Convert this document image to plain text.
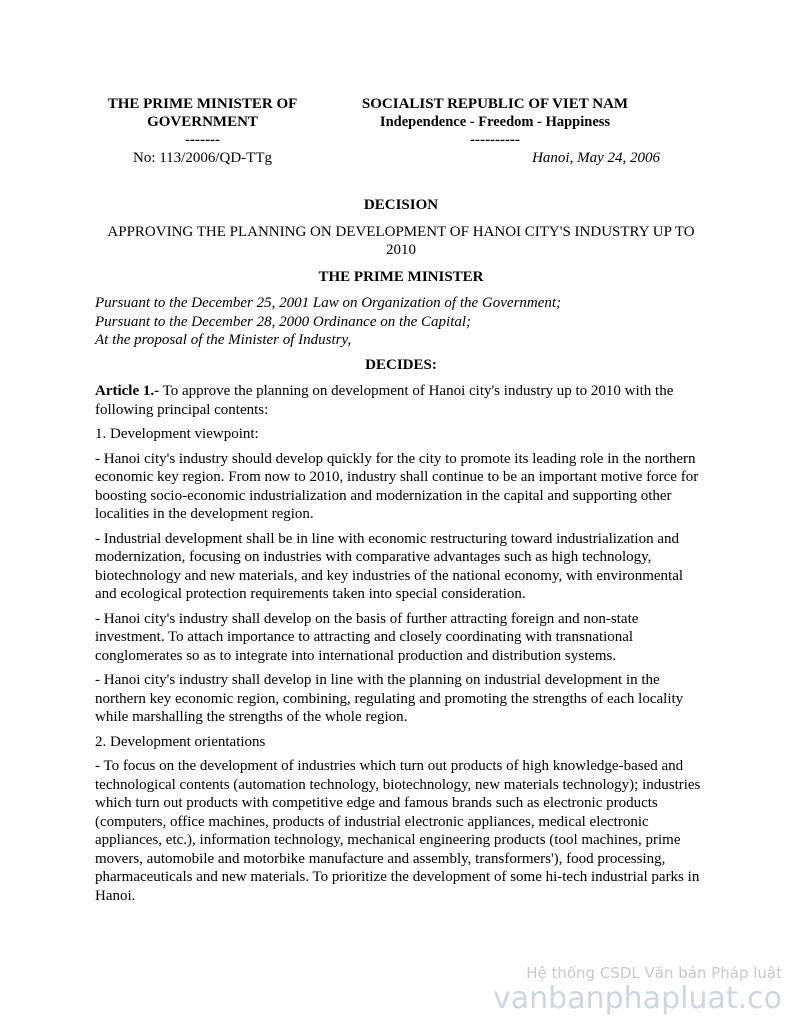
THE PRIME MINISTER OF
GOVERNMENT
-------
SOCIALIST REPUBLIC OF VIET NAM
Independence - Freedom - Happiness
----------
No: 113/2006/QD-TTg	Hanoi, May 24, 2006

DECISION

APPROVING THE PLANNING ON DEVELOPMENT OF HANOI CITY'S INDUSTRY UP TO 2010

THE PRIME MINISTER

Pursuant to the December 25, 2001 Law on Organization of the Government;
Pursuant to the December 28, 2000 Ordinance on the Capital;
At the proposal of the Minister of Industry,

DECIDES:

Article 1.- To approve the planning on development of Hanoi city's industry up to 2010 with the following principal contents:

1. Development viewpoint:

- Hanoi city's industry should develop quickly for the city to promote its leading role in the northern economic key region. From now to 2010, industry shall continue to be an important motive force for boosting socio-economic industrialization and modernization in the capital and supporting other localities in the development region.

- Industrial development shall be in line with economic restructuring toward industrialization and modernization, focusing on industries with comparative advantages such as high technology, biotechnology and new materials, and key industries of the national economy, with environmental and ecological protection requirements taken into special consideration.

- Hanoi city's industry shall develop on the basis of further attracting foreign and non-state investment. To attach importance to attracting and closely coordinating with transnational conglomerates so as to integrate into international production and distribution systems.

- Hanoi city's industry shall develop in line with the planning on industrial development in the northern key economic region, combining, regulating and promoting the strengths of each locality while marshalling the strengths of the whole region.

2. Development orientations

- To focus on the development of industries which turn out products of high knowledge-based and technological contents (automation technology, biotechnology, new materials technology); industries which turn out products with competitive edge and famous brands such as electronic products (computers, office machines, products of industrial electronic appliances, medical electronic appliances, etc.), information technology, mechanical engineering products (tool machines, prime movers, automobile and motorbike manufacture and assembly, transformers'), food processing, pharmaceuticals and new materials. To prioritize the development of some hi-tech industrial parks in Hanoi.

Hệ thống CSDL Văn bản Pháp luật
vanbanphapluat.co
